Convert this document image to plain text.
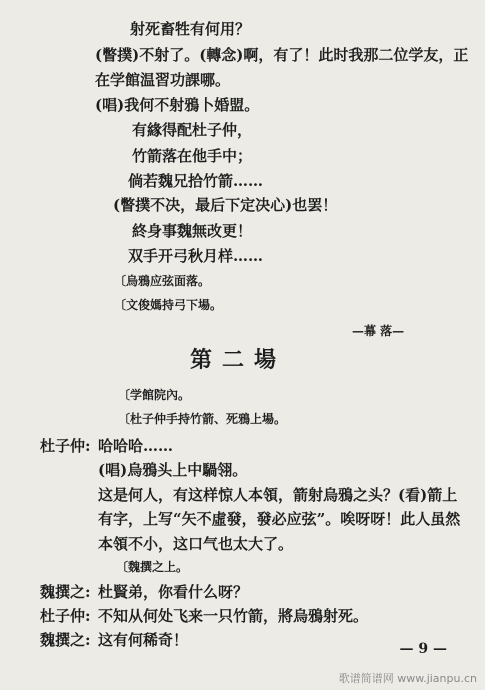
射死畜牲有何用？
(瞥撲)不射了。(轉念)啊，有了！此时我那二位学友，正
在学館温習功課哪。
(唱)我何不射鴉卜婚盟。
有緣得配杜子仲，
竹箭落在他手中；
倘若魏兄拾竹箭……
(瞥撲不决，最后下定决心)也罢！
終身事魏無改更！
双手开弓秋月样……
〔烏鴉应弦面落。
〔文俊媽持弓下場。
—幕 落—
第二場
〔学館院內。
〔杜子仲手持竹箭、死鴉上場。
杜子仲: 哈哈哈……
(唱)烏鴉头上中騧翎。
这是何人，有这样惊人本領，箭射烏鴉之头？(看)箭上
有字，上写“矢不虛發，發必应弦”。唉呀呀！此人虽然
本領不小，这口气也太大了。
〔魏撰之上。
魏撰之: 杜賢弟，你看什么呀？
杜子仲: 不知从何处飞来一只竹箭，將烏鴉射死。
魏撰之: 这有何稀奇！	— 9 —
歌谱简谱网 www.jianpu.cn
